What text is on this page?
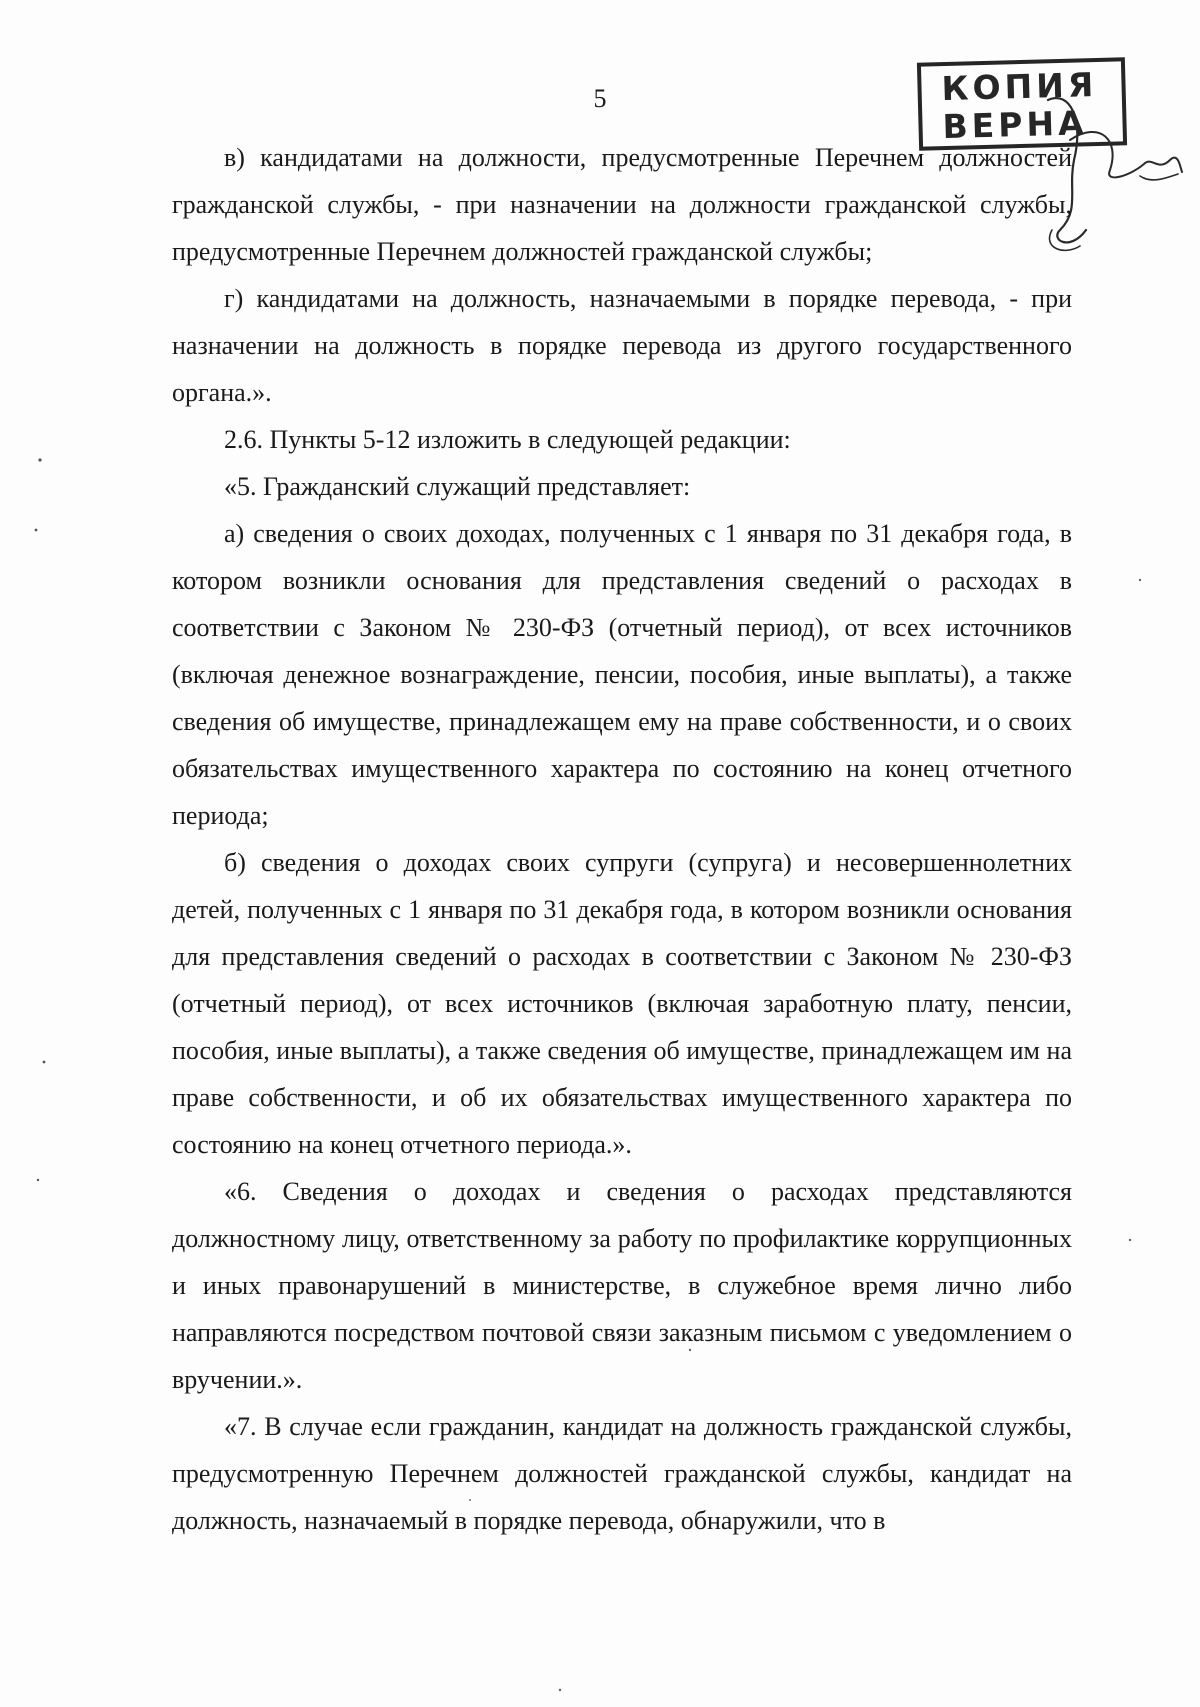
5	КОПИЯ
ВЕРНА

в) кандидатами на должности, предусмотренные Перечнем должностей гражданской службы, - при назначении на должности гражданской службы, предусмотренные Перечнем должностей гражданской службы;

г) кандидатами на должность, назначаемыми в порядке перевода, - при назначении на должность в порядке перевода из другого государственного органа.».

2.6. Пункты 5-12 изложить в следующей редакции:

«5. Гражданский служащий представляет:

а) сведения о своих доходах, полученных с 1 января по 31 декабря года, в котором возникли основания для представления сведений о расходах в соответствии с Законом № 230-ФЗ (отчетный период), от всех источников (включая денежное вознаграждение, пенсии, пособия, иные выплаты), а также сведения об имуществе, принадлежащем ему на праве собственности, и о своих обязательствах имущественного характера по состоянию на конец отчетного периода;

б) сведения о доходах своих супруги (супруга) и несовершеннолетних детей, полученных с 1 января по 31 декабря года, в котором возникли основания для представления сведений о расходах в соответствии с Законом № 230-ФЗ (отчетный период), от всех источников (включая заработную плату, пенсии, пособия, иные выплаты), а также сведения об имуществе, принадлежащем им на праве собственности, и об их обязательствах имущественного характера по состоянию на конец отчетного периода.».

«6. Сведения о доходах и сведения о расходах представляются должностному лицу, ответственному за работу по профилактике коррупционных и иных правонарушений в министерстве, в служебное время лично либо направляются посредством почтовой связи заказным письмом с уведомлением о вручении.».

«7. В случае если гражданин, кандидат на должность гражданской службы, предусмотренную Перечнем должностей гражданской службы, кандидат на должность, назначаемый в порядке перевода, обнаружили, что в
